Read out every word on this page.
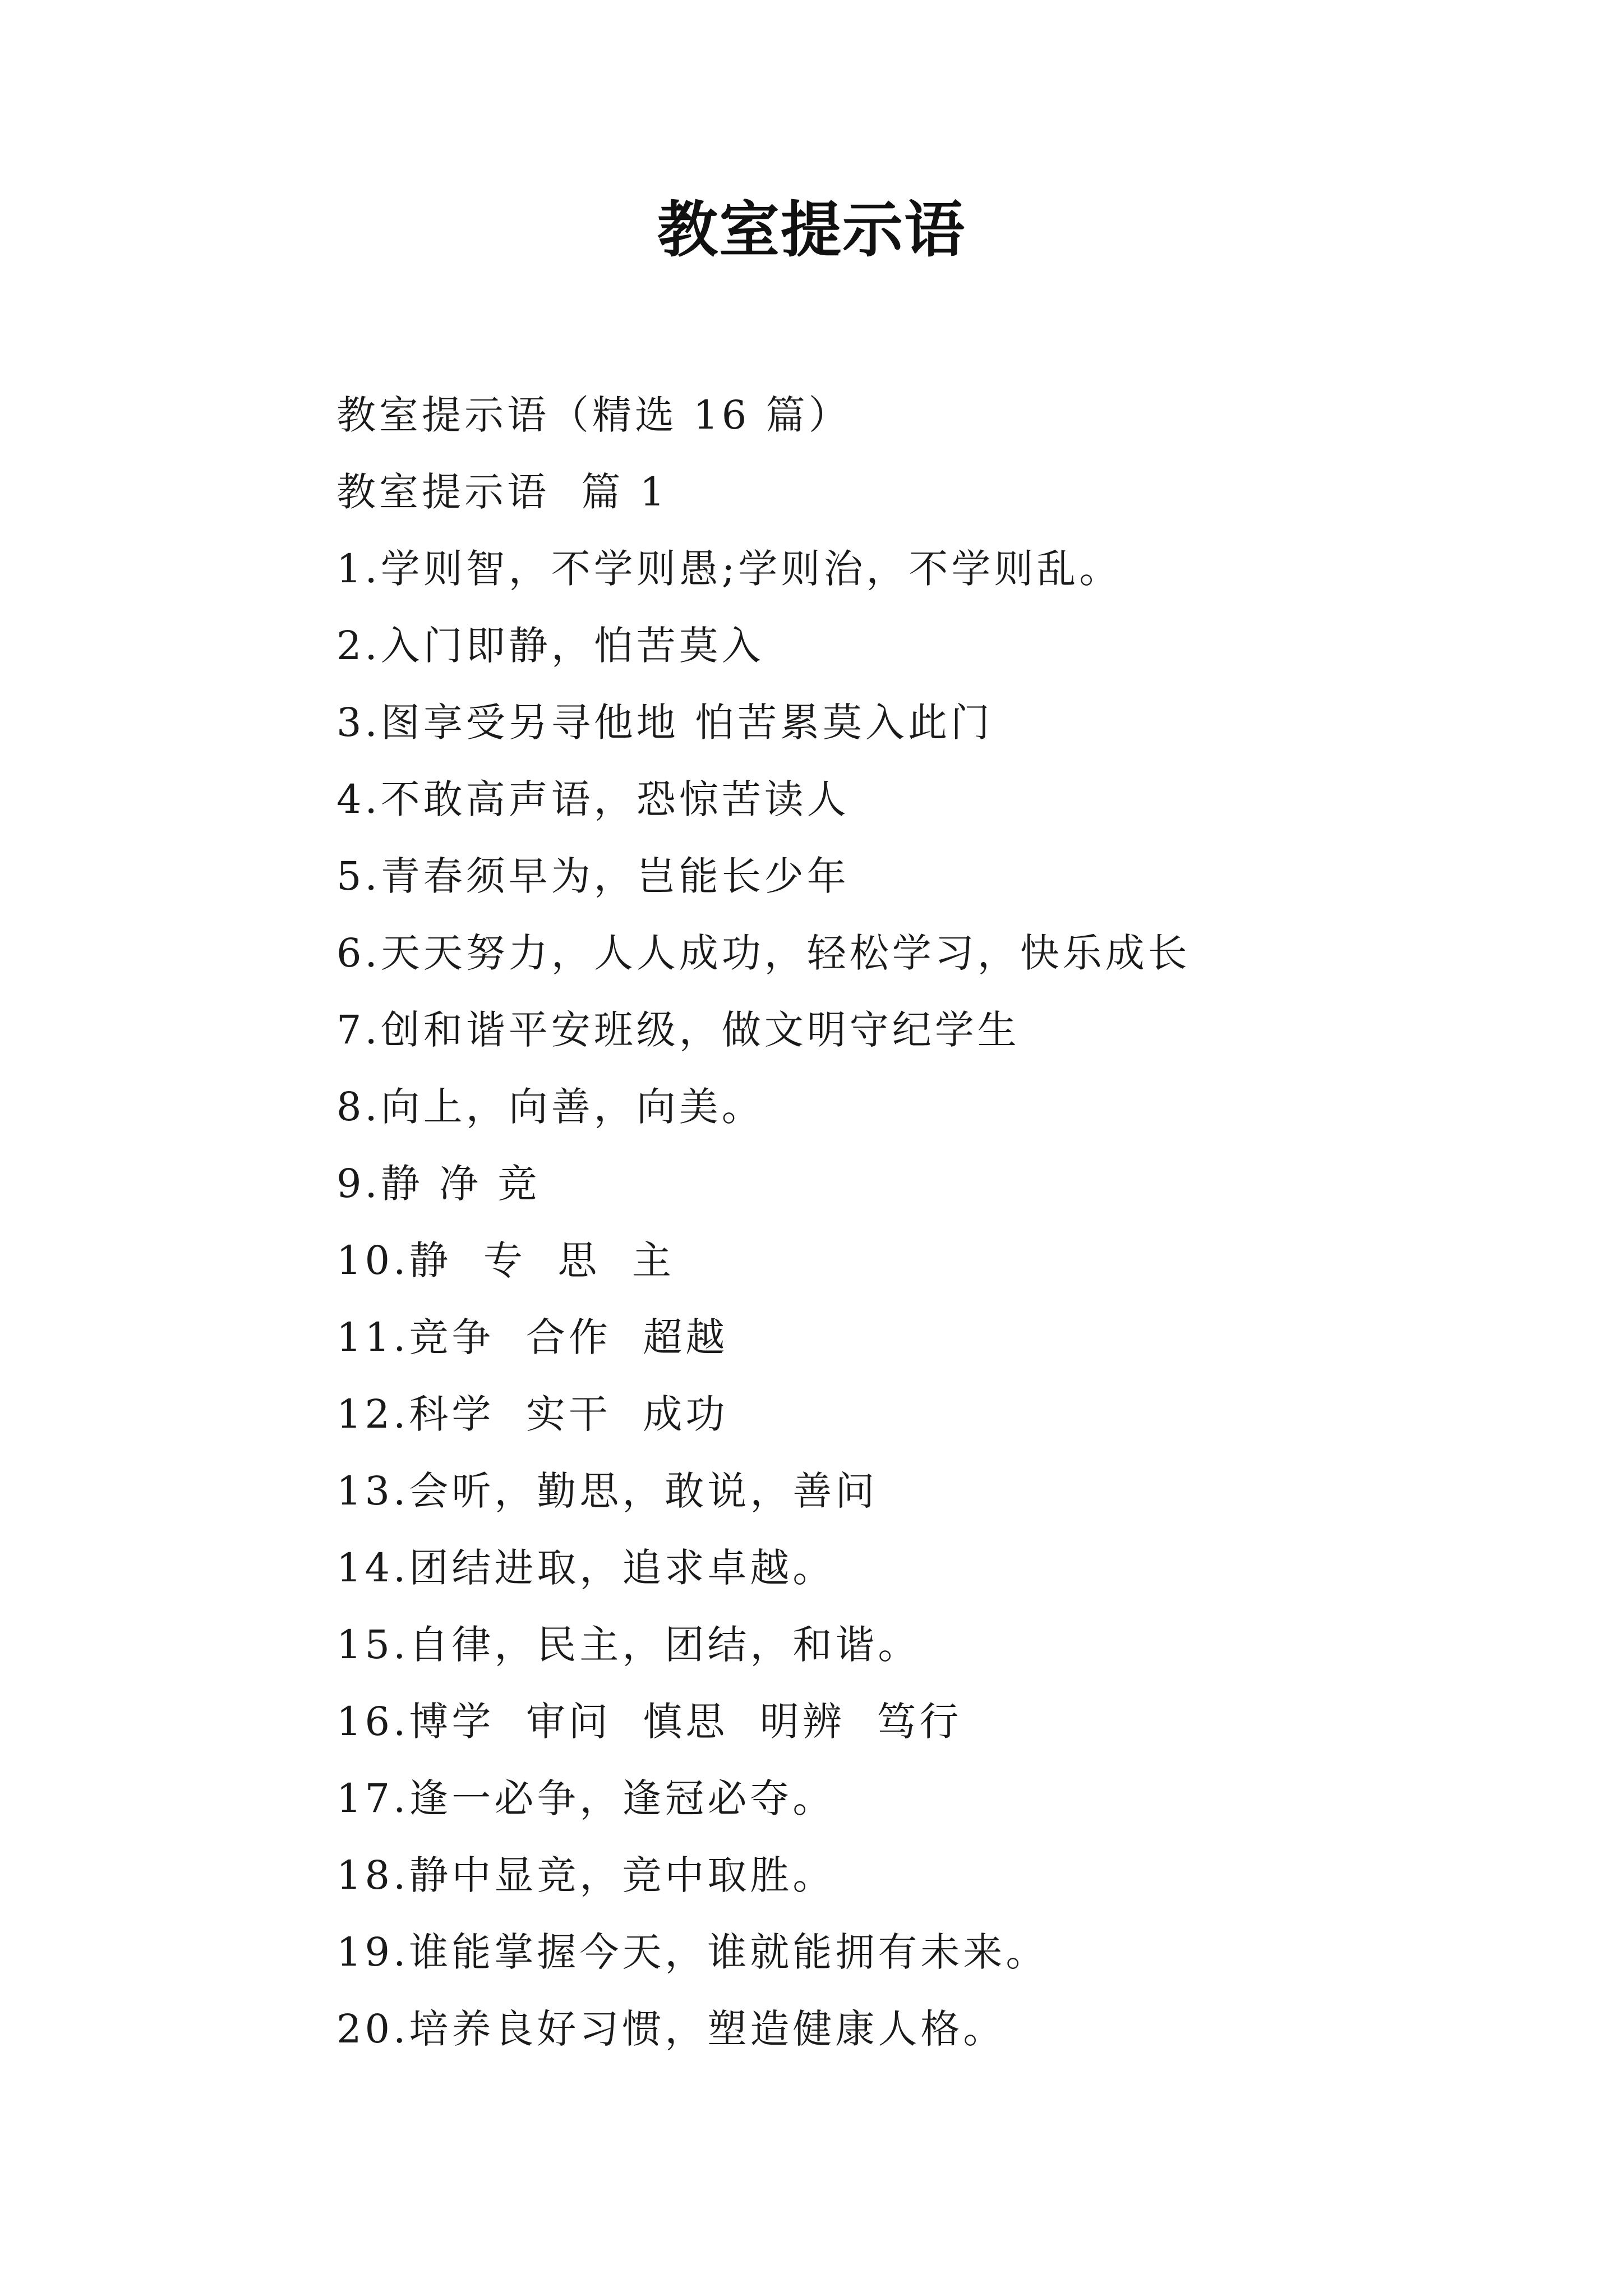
教室提示语
教室提示语（精选 16 篇）
教室提示语  篇 1
1.学则智，不学则愚;学则治，不学则乱。
2.入门即静，怕苦莫入
3.图享受另寻他地 怕苦累莫入此门
4.不敢高声语，恐惊苦读人
5.青春须早为，岂能长少年
6.天天努力，人人成功，轻松学习，快乐成长
7.创和谐平安班级，做文明守纪学生
8.向上，向善，向美。
9.静 净 竞
10.静  专  思  主
11.竞争  合作  超越
12.科学  实干  成功
13.会听，勤思，敢说，善问
14.团结进取，追求卓越。
15.自律，民主，团结，和谐。
16.博学  审问  慎思  明辨  笃行
17.逢一必争，逢冠必夺。
18.静中显竞，竞中取胜。
19.谁能掌握今天，谁就能拥有未来。
20.培养良好习惯，塑造健康人格。
